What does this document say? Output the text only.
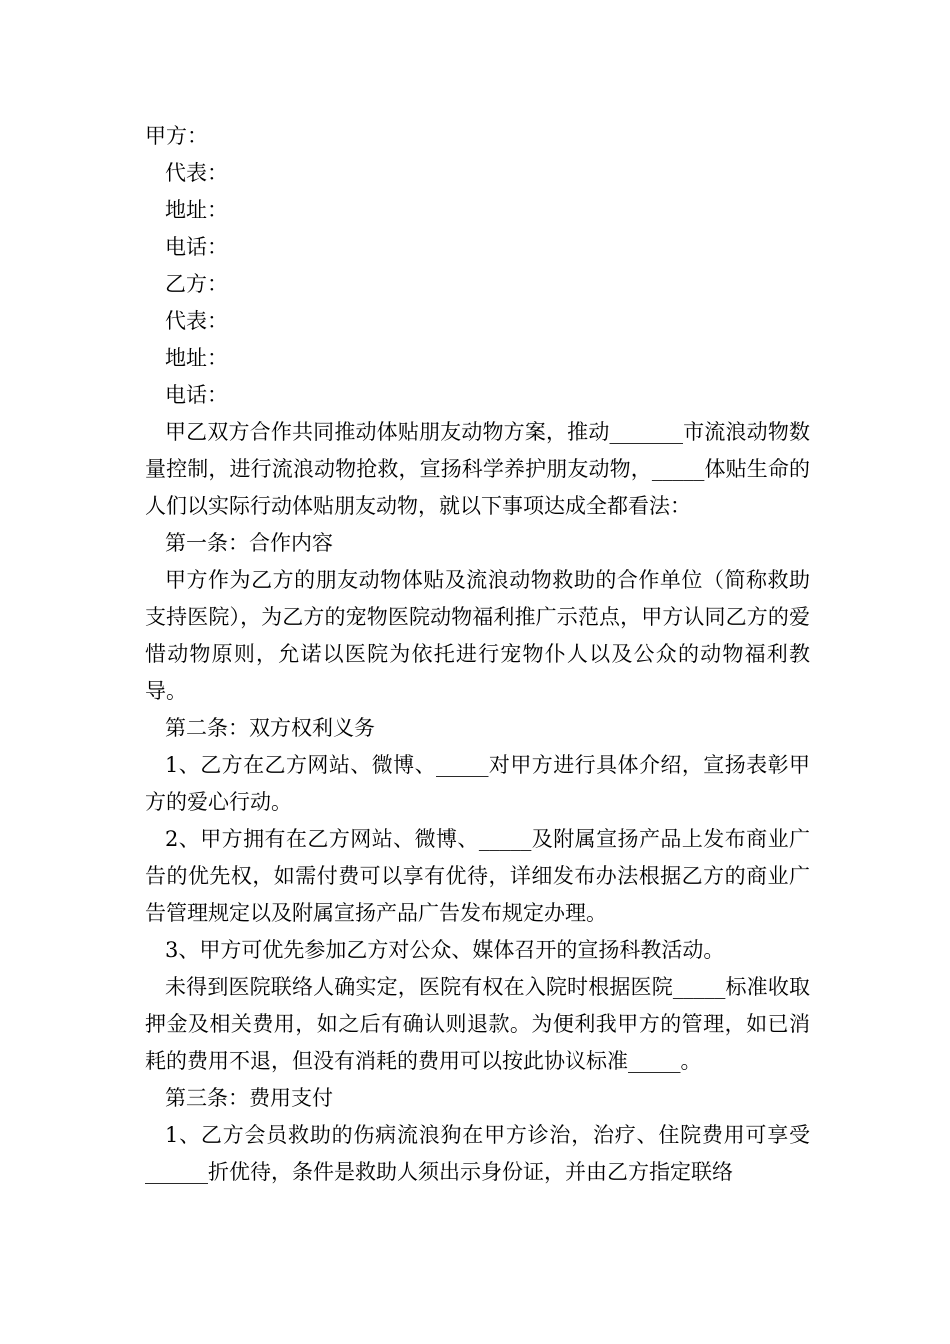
甲方：

代表：

地址：

电话：

乙方：

代表：

地址：

电话：

甲乙双方合作共同推动体贴朋友动物方案，推动_______市流浪动物数量控制，进行流浪动物抢救，宣扬科学养护朋友动物，_____体贴生命的人们以实际行动体贴朋友动物，就以下事项达成全都看法：

第一条：合作内容

甲方作为乙方的朋友动物体贴及流浪动物救助的合作单位（简称救助支持医院），为乙方的宠物医院动物福利推广示范点，甲方认同乙方的爱惜动物原则，允诺以医院为依托进行宠物仆人以及公众的动物福利教导。

第二条：双方权利义务

1、乙方在乙方网站、微博、_____对甲方进行具体介绍，宣扬表彰甲方的爱心行动。

2、甲方拥有在乙方网站、微博、_____及附属宣扬产品上发布商业广告的优先权，如需付费可以享有优待，详细发布办法根据乙方的商业广告管理规定以及附属宣扬产品广告发布规定办理。

3、甲方可优先参加乙方对公众、媒体召开的宣扬科教活动。

未得到医院联络人确实定，医院有权在入院时根据医院_____标准收取押金及相关费用，如之后有确认则退款。为便利我甲方的管理，如已消耗的费用不退，但没有消耗的费用可以按此协议标准_____。

第三条：费用支付

1、乙方会员救助的伤病流浪狗在甲方诊治，治疗、住院费用可享受______折优待，条件是救助人须出示身份证，并由乙方指定联络
